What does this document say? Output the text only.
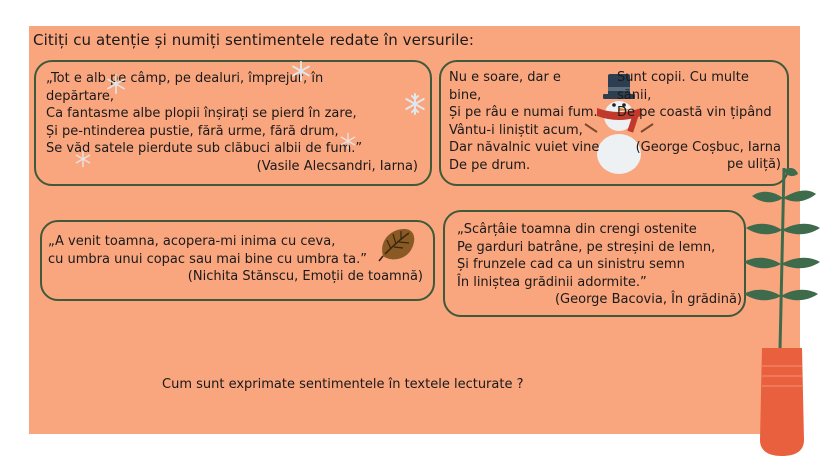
Citiți cu atenție și numiți sentimentele redate în versurile:

„Tot e alb pe câmp, pe dealuri, împrejur, în

depărtare,

Ca fantasme albe plopii înșirați se pierd în zare,

Și pe-ntinderea pustie, fără urme, fără drum,

Se văd satele pierdute sub clăbuci albii de fum.”

(Vasile Alecsandri, Iarna)

Nu e soare, dar e

bine,

Și pe râu e numai fum.

Vântu-i liniștit acum,

Dar năvalnic vuiet vine

De pe drum.

Sunt copii. Cu multe

sănii,

De pe coastă vin țipând

(George Coșbuc, Iarna

pe uliță)

„A venit toamna, acopera-mi inima cu ceva,

cu umbra unui copac sau mai bine cu umbra ta.”

(Nichita Stănscu, Emoții de toamnă)

„Scârțâie toamna din crengi ostenite

Pe garduri batrâne, pe streșini de lemn,

Și frunzele cad ca un sinistru semn

În liniștea grădinii adormite.”

(George Bacovia, În grădină)

Cum sunt exprimate sentimentele în textele lecturate ?
